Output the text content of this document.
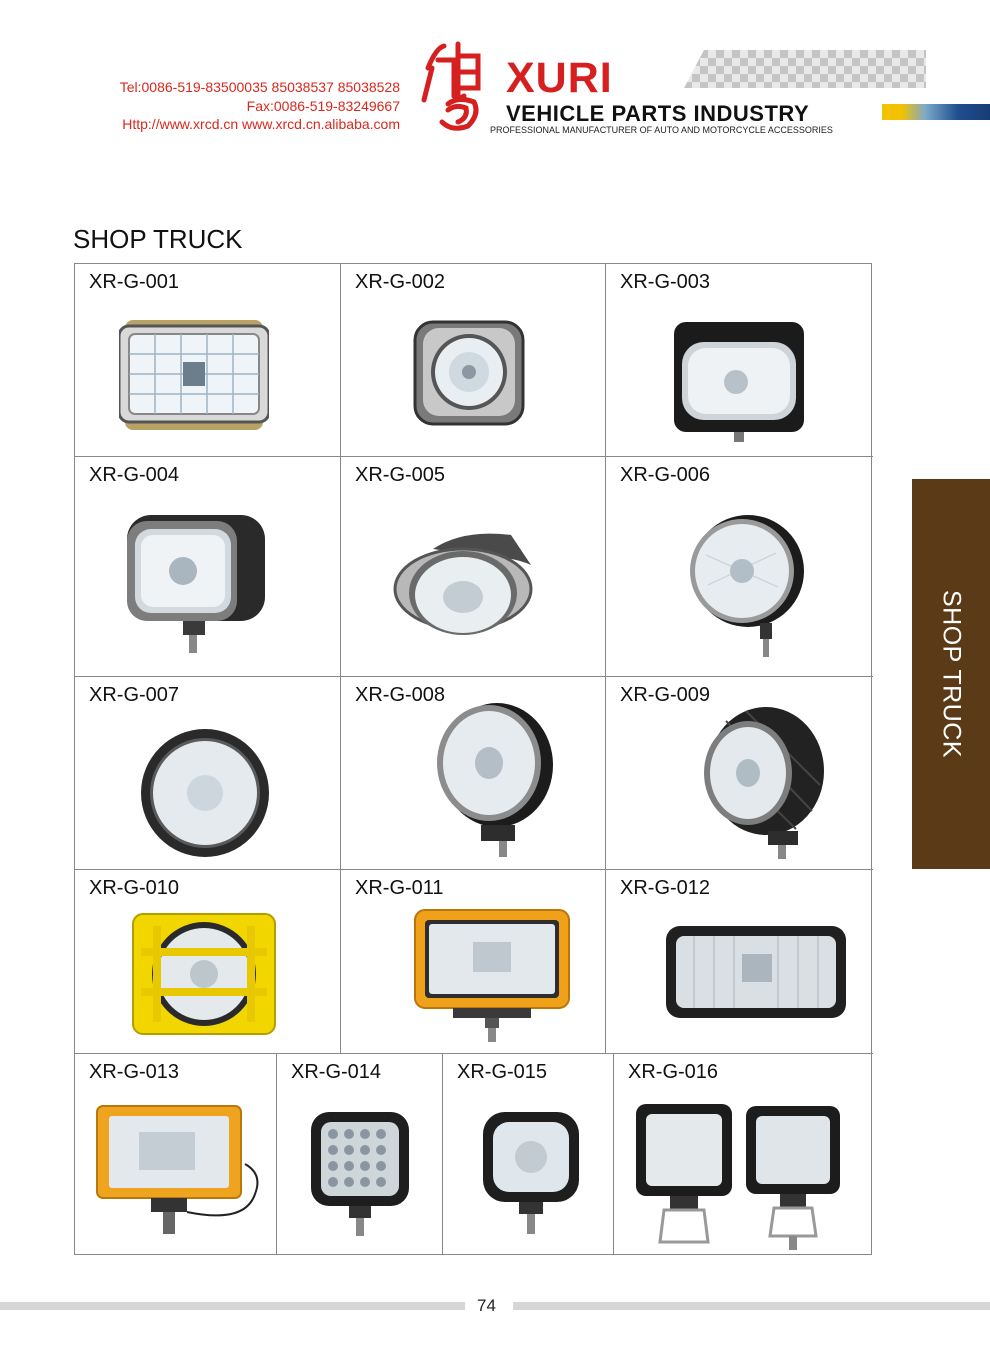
Tel:0086-519-83500035 85038537 85038528
Fax:0086-519-83249667
Http://www.xrcd.cn www.xrcd.cn.alibaba.com
XURI
VEHICLE PARTS INDUSTRY
PROFESSIONAL MANUFACTURER OF AUTO AND MOTORCYCLE ACCESSORIES
SHOP TRUCK
XR-G-001	XR-G-002	XR-G-003
XR-G-004	XR-G-005	XR-G-006
XR-G-007	XR-G-008	XR-G-009
XR-G-010	XR-G-011	XR-G-012
XR-G-013	XR-G-014	XR-G-015	XR-G-016
SHOP TRUCK
74
